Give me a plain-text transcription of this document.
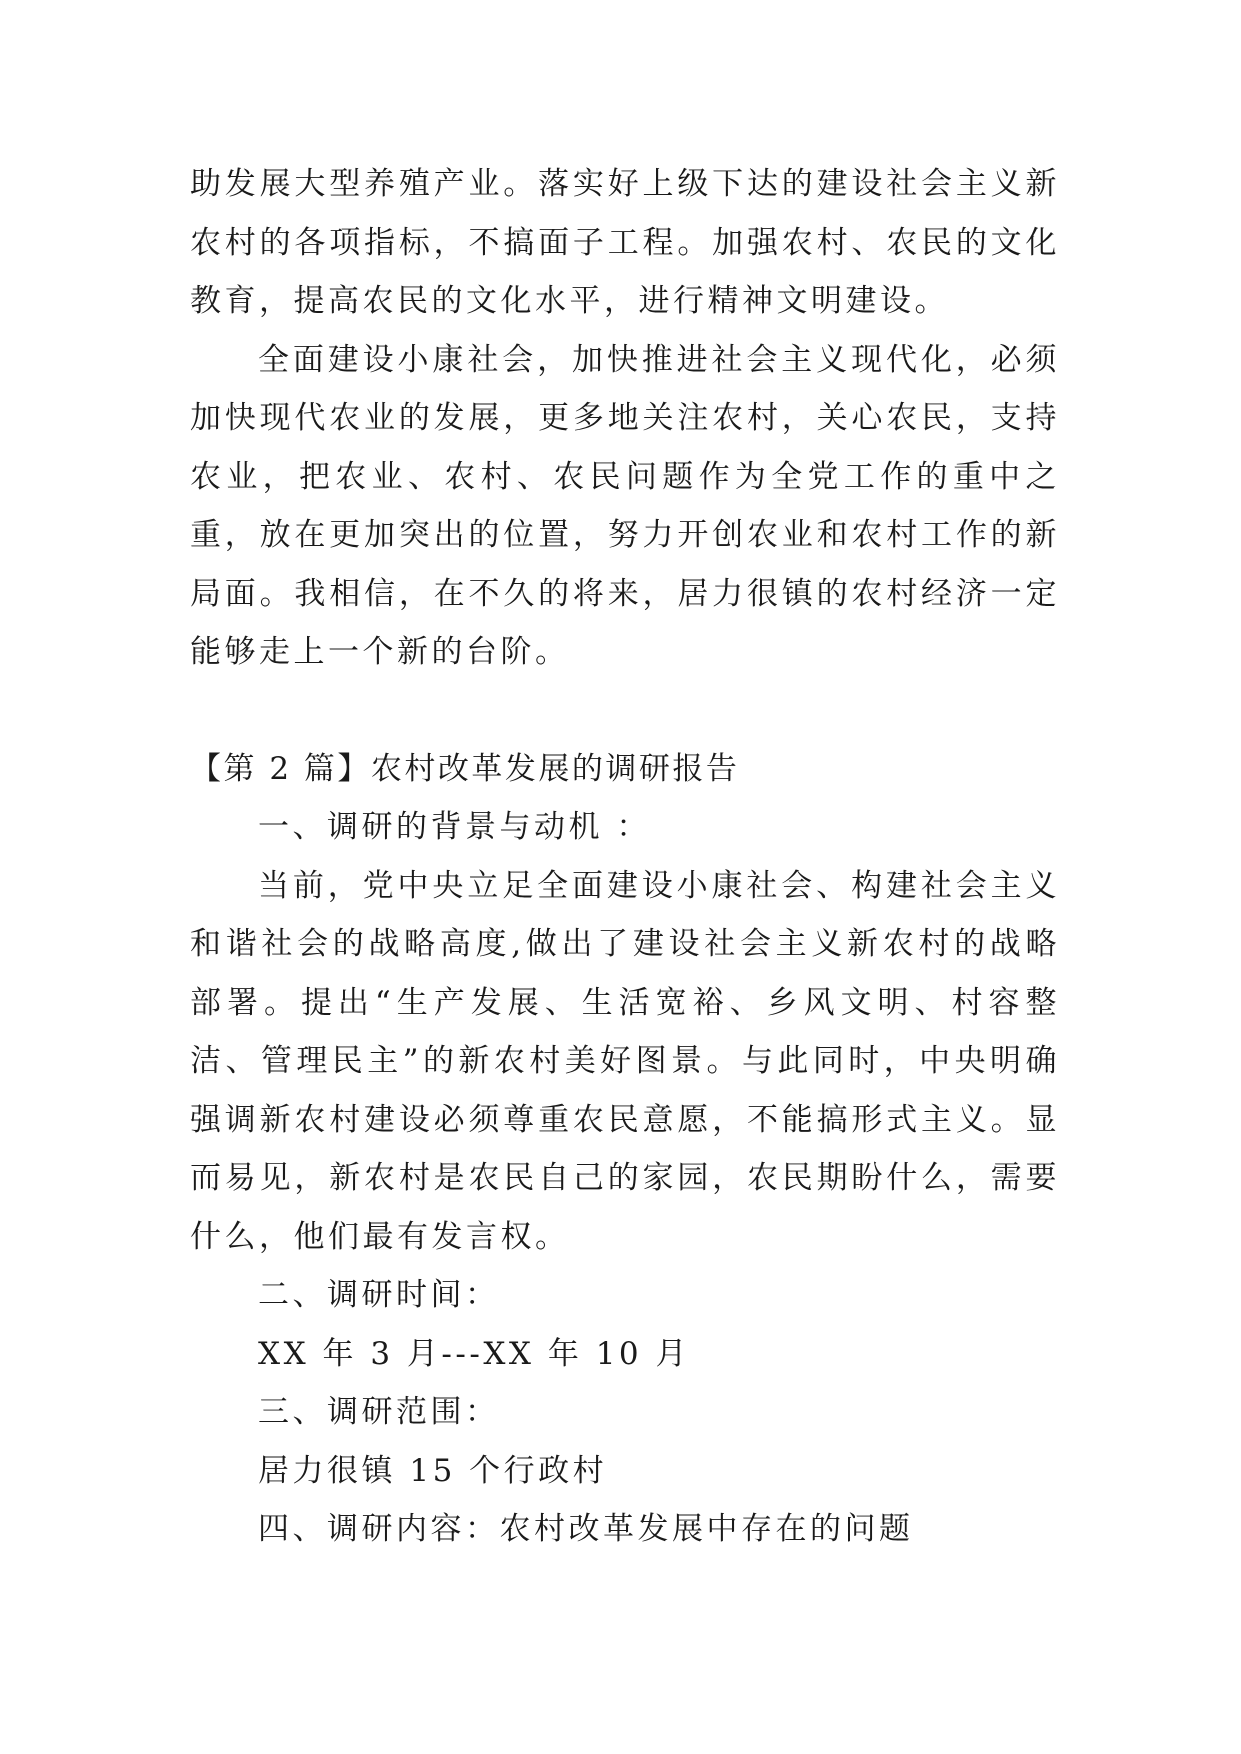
助发展大型养殖产业。落实好上级下达的建设社会主义新农村的各项指标，不搞面子工程。加强农村、农民的文化教育，提高农民的文化水平，进行精神文明建设。

全面建设小康社会，加快推进社会主义现代化，必须加快现代农业的发展，更多地关注农村，关心农民，支持农业，把农业、农村、农民问题作为全党工作的重中之重，放在更加突出的位置，努力开创农业和农村工作的新局面。我相信，在不久的将来，居力很镇的农村经济一定能够走上一个新的台阶。

【第 2 篇】农村改革发展的调研报告

一、调研的背景与动机 ：

当前，党中央立足全面建设小康社会、构建社会主义和谐社会的战略高度,做出了建设社会主义新农村的战略部署。提出“生产发展、生活宽裕、乡风文明、村容整洁、管理民主”的新农村美好图景。与此同时，中央明确强调新农村建设必须尊重农民意愿，不能搞形式主义。显而易见，新农村是农民自己的家园，农民期盼什么，需要什么，他们最有发言权。

二、调研时间：

XX 年 3 月---XX 年 10 月

三、调研范围：

居力很镇 15 个行政村

四、调研内容：农村改革发展中存在的问题
